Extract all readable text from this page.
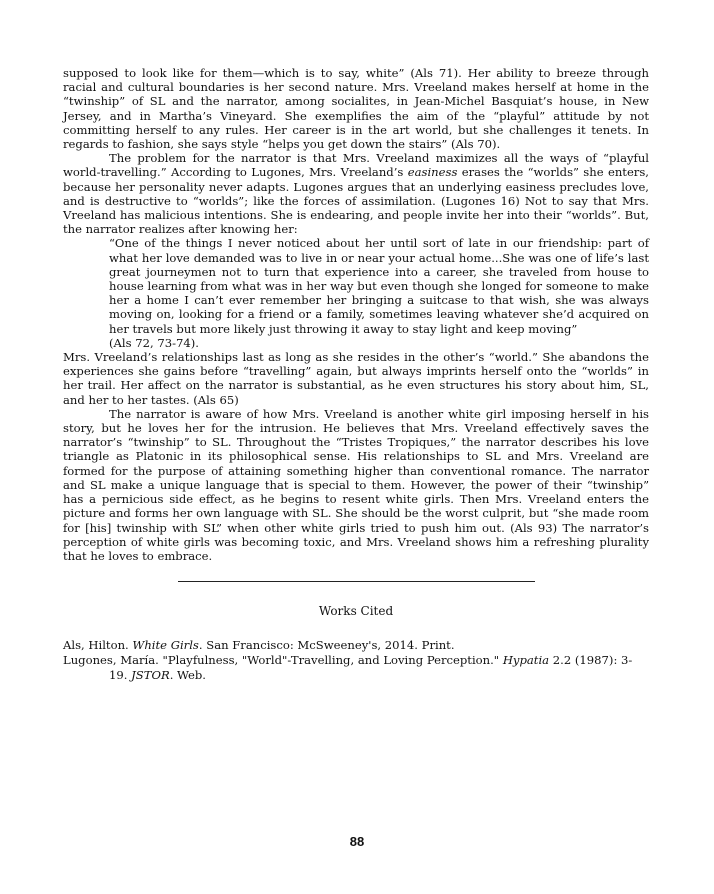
supposed to look like for them—which is to say, white” (Als 71). Her ability to breeze through racial and cultural boundaries is her second nature. Mrs. Vreeland makes herself at home in the “twinship” of SL and the narrator, among socialites, in Jean-Michel Basquiat’s house, in New Jersey, and in Martha’s Vineyard. She exemplifies the aim of the “playful” attitude by not committing herself to any rules. Her career is in the art world, but she challenges it tenets. In regards to fashion, she says style “helps you get down the stairs” (Als 70).

The problem for the narrator is that Mrs. Vreeland maximizes all the ways of “playful world-travelling.” According to Lugones, Mrs. Vreeland’s easiness erases the “worlds” she enters, because her personality never adapts. Lugones argues that an underlying easiness precludes love, and is destructive to “worlds”; like the forces of assimilation. (Lugones 16) Not to say that Mrs. Vreeland has malicious intentions. She is endearing, and people invite her into their “worlds”. But, the narrator realizes after knowing her:

“One of the things I never noticed about her until sort of late in our friendship: part of what her love demanded was to live in or near your actual home...She was one of life’s last great journeymen not to turn that experience into a career, she traveled from house to house learning from what was in her way but even though she longed for someone to make her a home I can’t ever remember her bringing a suitcase to that wish, she was always moving on, looking for a friend or a family, sometimes leaving whatever she’d acquired on her travels but more likely just throwing it away to stay light and keep moving”

(Als 72, 73-74).

Mrs. Vreeland’s relationships last as long as she resides in the other’s “world.” She abandons the experiences she gains before “travelling” again, but always imprints herself onto the “worlds” in her trail. Her affect on the narrator is substantial, as he even structures his story about him, SL, and her to her tastes. (Als 65)

The narrator is aware of how Mrs. Vreeland is another white girl imposing herself in his story, but he loves her for the intrusion. He believes that Mrs. Vreeland effectively saves the narrator’s “twinship” to SL. Throughout the “Tristes Tropiques,” the narrator describes his love triangle as Platonic in its philosophical sense. His relationships to SL and Mrs. Vreeland are formed for the purpose of attaining something higher than conventional romance. The narrator and SL make a unique language that is special to them. However, the power of their “twinship” has a pernicious side effect, as he begins to resent white girls. Then Mrs. Vreeland enters the picture and forms her own language with SL. She should be the worst culprit, but “she made room for [his] twinship with SL” when other white girls tried to push him out. (Als 93) The narrator’s perception of white girls was becoming toxic, and Mrs. Vreeland shows him a refreshing plurality that he loves to embrace.

Works Cited

Als, Hilton. White Girls. San Francisco: McSweeney's, 2014. Print.

Lugones, María. "Playfulness, "World"-Travelling, and Loving Perception." Hypatia 2.2 (1987): 3-19. JSTOR. Web.

88
